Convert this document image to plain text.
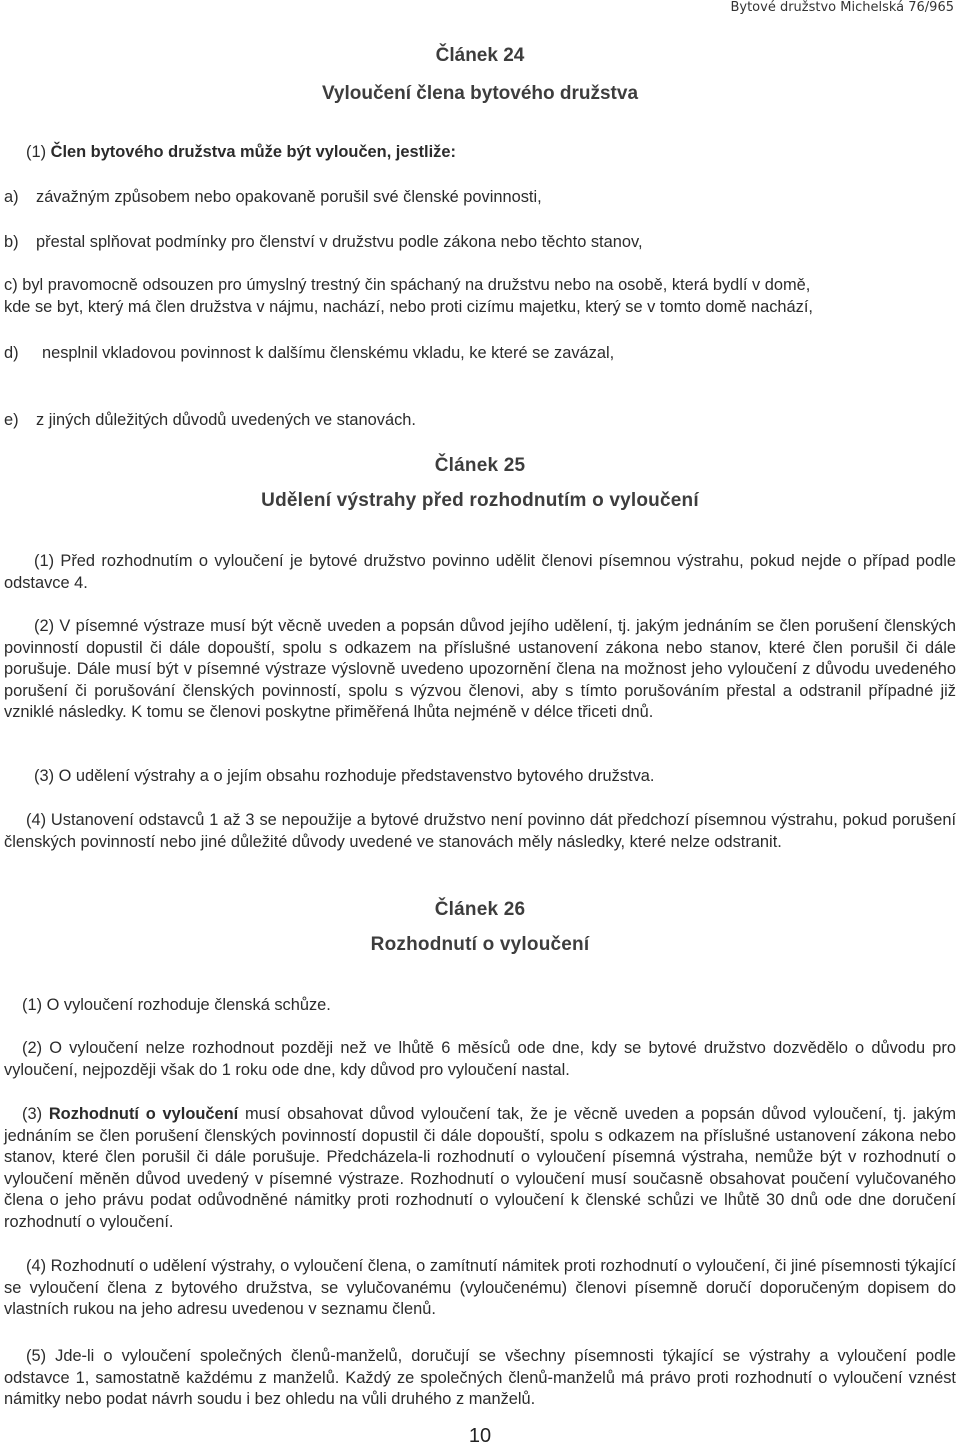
Bytové družstvo Michelská 76/965
Článek 24
Vyloučení člena bytového družstva
(1) Člen bytového družstva může být vyloučen, jestliže:
a) závažným způsobem nebo opakovaně porušil své členské povinnosti,
b) přestal splňovat podmínky pro členství v družstvu podle zákona nebo těchto stanov,
c) byl pravomocně odsouzen pro úmyslný trestný čin spáchaný na družstvu nebo na osobě, která bydlí v domě,
kde se byt, který má člen družstva v nájmu, nachází, nebo proti cizímu majetku, který se v tomto domě nachází,
d) nesplnil vkladovou povinnost k dalšímu členskému vkladu, ke které se zavázal,
e) z jiných důležitých důvodů uvedených ve stanovách.
Článek 25
Udělení výstrahy před rozhodnutím o vyloučení

(1) Před rozhodnutím o vyloučení je bytové družstvo povinno udělit členovi písemnou výstrahu, pokud nejde o případ podle odstavce 4.

(2) V písemné výstraze musí být věcně uveden a popsán důvod jejího udělení, tj. jakým jednáním se člen porušení členských povinností dopustil či dále dopouští, spolu s odkazem na příslušné ustanovení zákona nebo stanov, které člen porušil či dále porušuje. Dále musí být v písemné výstraze výslovně uvedeno upozornění člena na možnost jeho vyloučení z důvodu uvedeného porušení či porušování členských povinností, spolu s výzvou členovi, aby s tímto porušováním přestal a odstranil případné již vzniklé následky. K tomu se členovi poskytne přiměřená lhůta nejméně v délce třiceti dnů.

(3) O udělení výstrahy a o jejím obsahu rozhoduje představenstvo bytového družstva.

(4) Ustanovení odstavců 1 až 3 se nepoužije a bytové družstvo není povinno dát předchozí písemnou výstrahu, pokud porušení členských povinností nebo jiné důležité důvody uvedené ve stanovách měly následky, které nelze odstranit.

Článek 26
Rozhodnutí o vyloučení

(1) O vyloučení rozhoduje členská schůze.

(2) O vyloučení nelze rozhodnout později než ve lhůtě 6 měsíců ode dne, kdy se bytové družstvo dozvědělo o důvodu pro vyloučení, nejpozději však do 1 roku ode dne, kdy důvod pro vyloučení nastal.

(3) Rozhodnutí o vyloučení musí obsahovat důvod vyloučení tak, že je věcně uveden a popsán důvod vyloučení, tj. jakým jednáním se člen porušení členských povinností dopustil či dále dopouští, spolu s odkazem na příslušné ustanovení zákona nebo stanov, které člen porušil či dále porušuje. Předcházela-li rozhodnutí o vyloučení písemná výstraha, nemůže být v rozhodnutí o vyloučení měněn důvod uvedený v písemné výstraze. Rozhodnutí o vyloučení musí současně obsahovat poučení vylučovaného člena o jeho právu podat odůvodněné námitky proti rozhodnutí o vyloučení k členské schůzi ve lhůtě 30 dnů ode dne doručení rozhodnutí o vyloučení.

(4) Rozhodnutí o udělení výstrahy, o vyloučení člena, o zamítnutí námitek proti rozhodnutí o vyloučení, či jiné písemnosti týkající se vyloučení člena z bytového družstva, se vylučovanému (vyloučenému) členovi písemně doručí doporučeným dopisem do vlastních rukou na jeho adresu uvedenou v seznamu členů.

(5) Jde-li o vyloučení společných členů-manželů, doručují se všechny písemnosti týkající se výstrahy a vyloučení podle odstavce 1, samostatně každému z manželů. Každý ze společných členů-manželů má právo proti rozhodnutí o vyloučení vznést námitky nebo podat návrh soudu i bez ohledu na vůli druhého z manželů.

10
